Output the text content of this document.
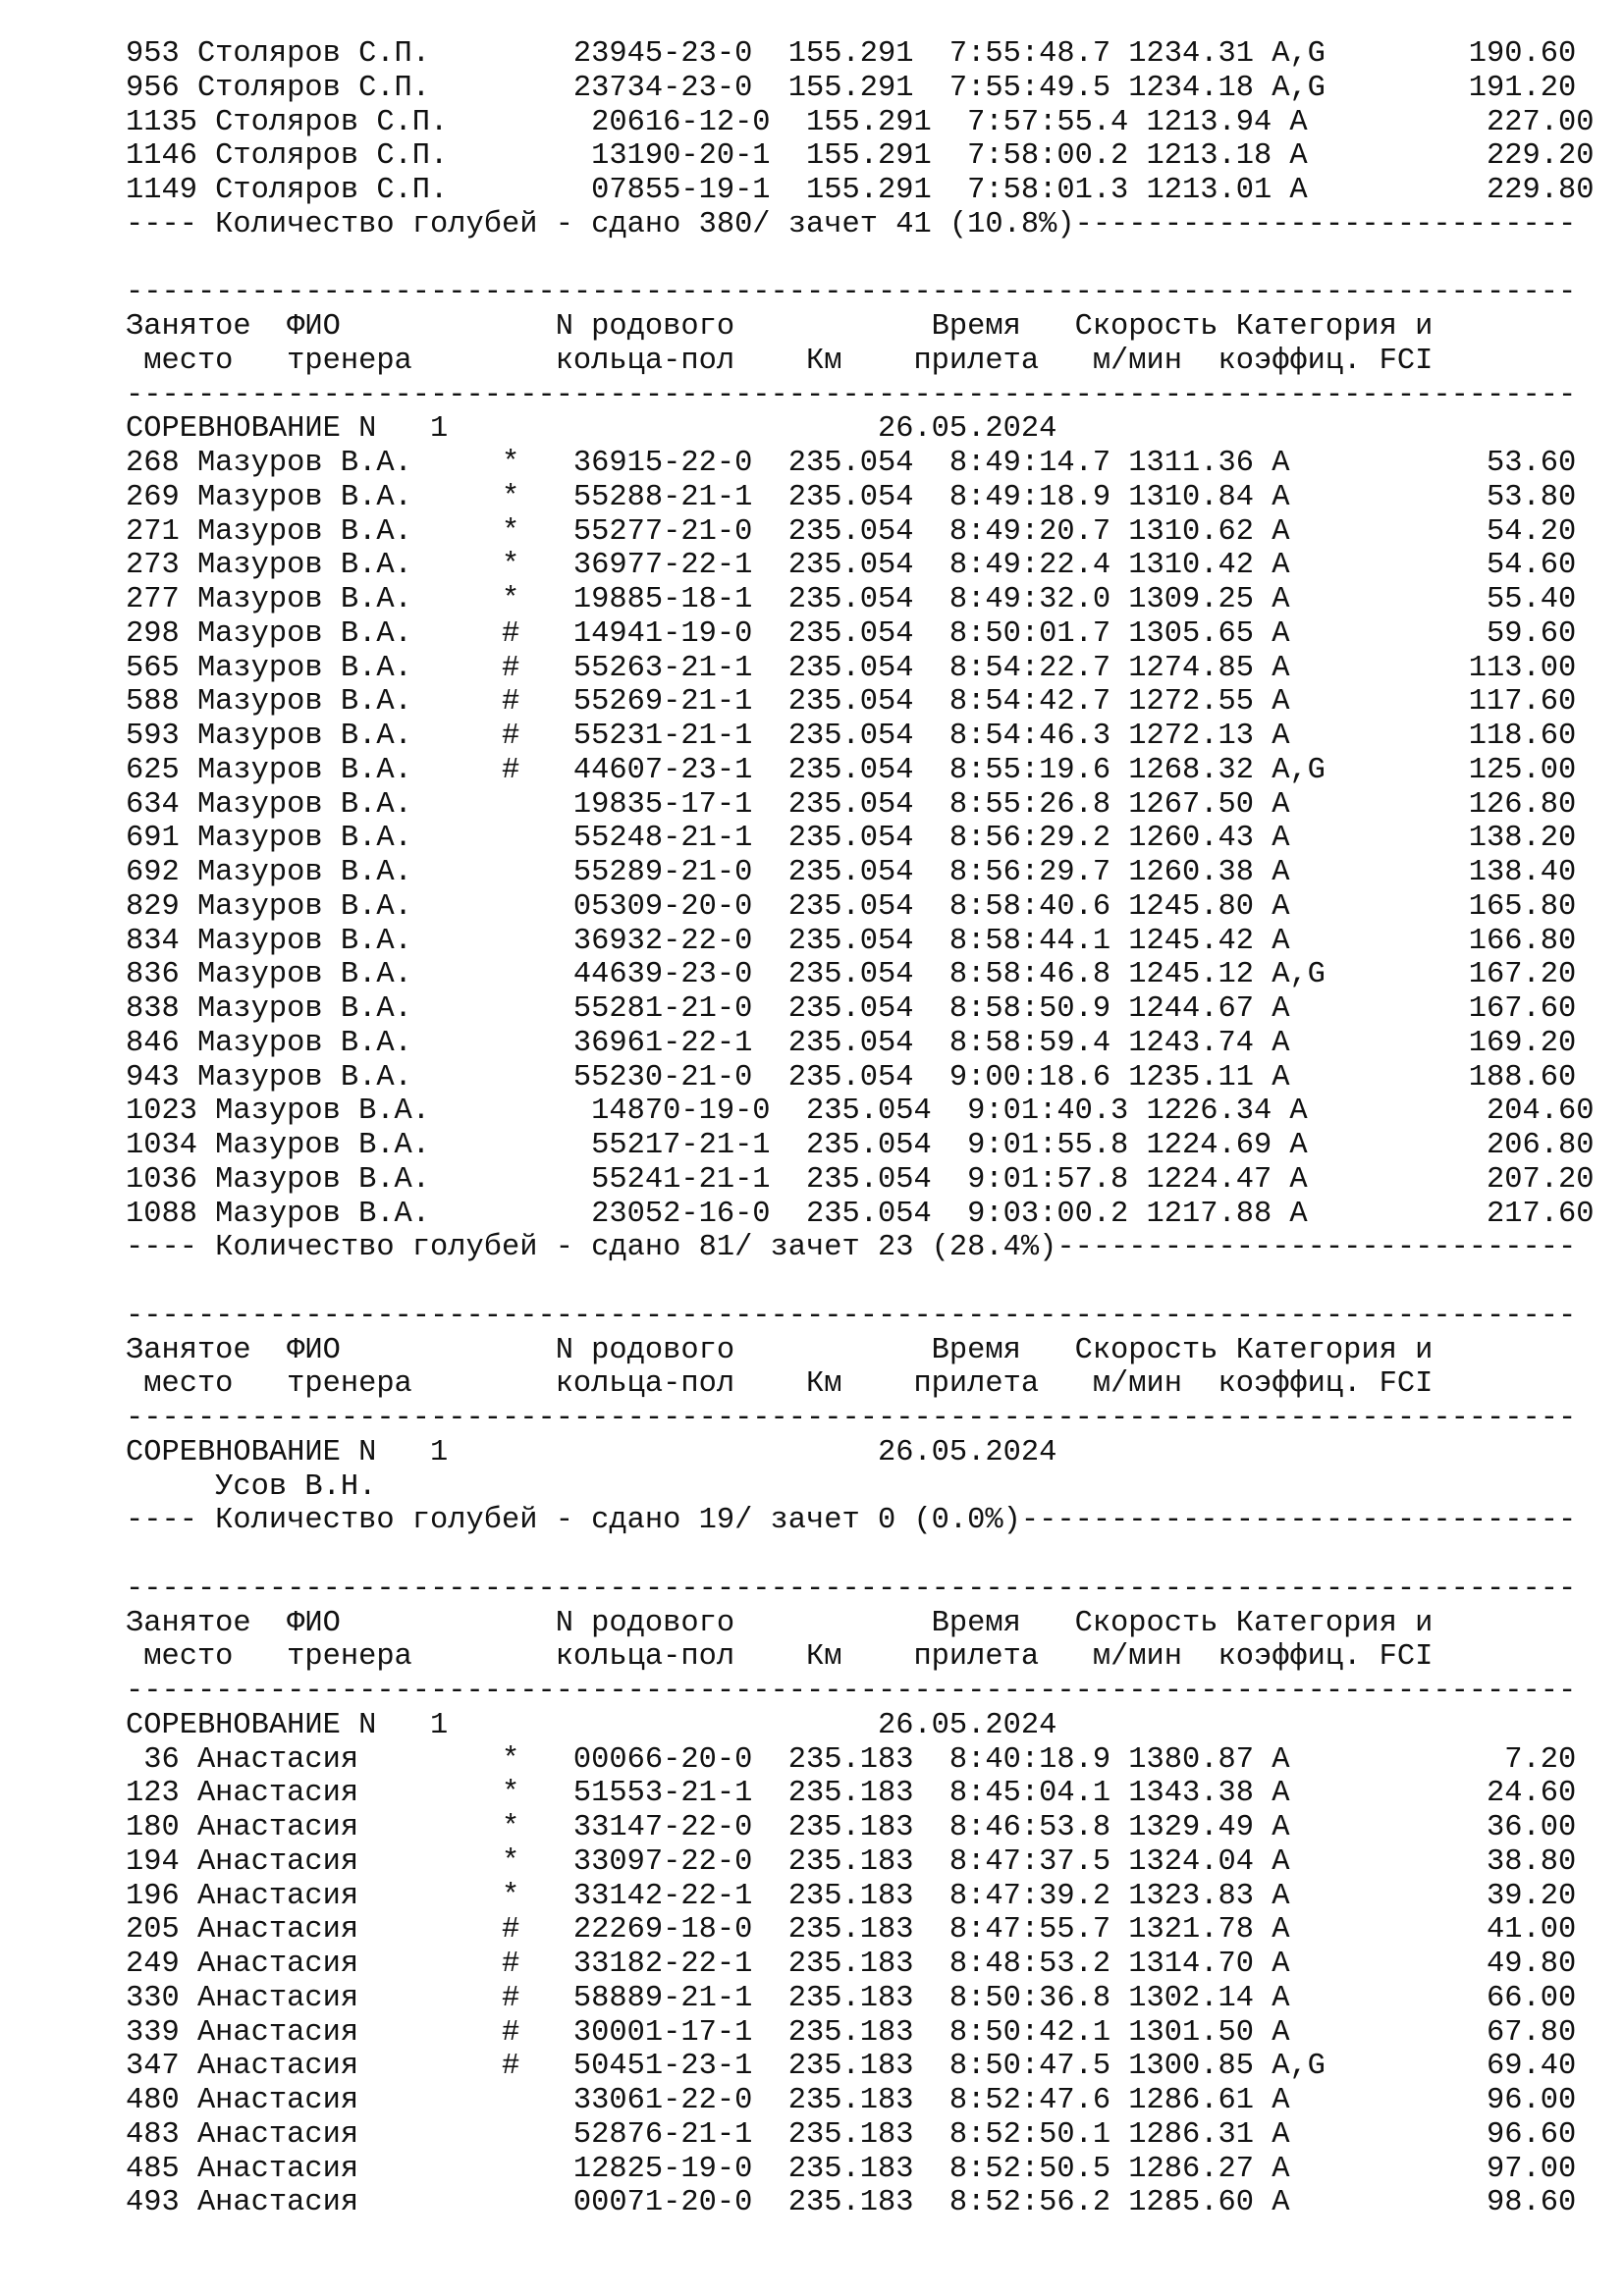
953 Столяров С.П.        23945-23-0  155.291  7:55:48.7 1234.31 A,G        190.60
956 Столяров С.П.        23734-23-0  155.291  7:55:49.5 1234.18 A,G        191.20
1135 Столяров С.П.        20616-12-0  155.291  7:57:55.4 1213.94 A          227.00
1146 Столяров С.П.        13190-20-1  155.291  7:58:00.2 1213.18 A          229.20
1149 Столяров С.П.        07855-19-1  155.291  7:58:01.3 1213.01 A          229.80
---- Количество голубей - сдано 380/ зачет 41 (10.8%)----------------------------
---------------------------------------------------------------------------------
Занятое  ФИО            N родового           Время   Скорость Категория и
место   тренера        кольца-пол    Км    прилета   м/мин  коэффиц. FCI
---------------------------------------------------------------------------------
СОРЕВНОВАНИЕ N   1                        26.05.2024
268 Мазуров В.А.     *   36915-22-0  235.054  8:49:14.7 1311.36 A           53.60
269 Мазуров В.А.     *   55288-21-1  235.054  8:49:18.9 1310.84 A           53.80
271 Мазуров В.А.     *   55277-21-0  235.054  8:49:20.7 1310.62 A           54.20
273 Мазуров В.А.     *   36977-22-1  235.054  8:49:22.4 1310.42 A           54.60
277 Мазуров В.А.     *   19885-18-1  235.054  8:49:32.0 1309.25 A           55.40
298 Мазуров В.А.     #   14941-19-0  235.054  8:50:01.7 1305.65 A           59.60
565 Мазуров В.А.     #   55263-21-1  235.054  8:54:22.7 1274.85 A          113.00
588 Мазуров В.А.     #   55269-21-1  235.054  8:54:42.7 1272.55 A          117.60
593 Мазуров В.А.     #   55231-21-1  235.054  8:54:46.3 1272.13 A          118.60
625 Мазуров В.А.     #   44607-23-1  235.054  8:55:19.6 1268.32 A,G        125.00
634 Мазуров В.А.         19835-17-1  235.054  8:55:26.8 1267.50 A          126.80
691 Мазуров В.А.         55248-21-1  235.054  8:56:29.2 1260.43 A          138.20
692 Мазуров В.А.         55289-21-0  235.054  8:56:29.7 1260.38 A          138.40
829 Мазуров В.А.         05309-20-0  235.054  8:58:40.6 1245.80 A          165.80
834 Мазуров В.А.         36932-22-0  235.054  8:58:44.1 1245.42 A          166.80
836 Мазуров В.А.         44639-23-0  235.054  8:58:46.8 1245.12 A,G        167.20
838 Мазуров В.А.         55281-21-0  235.054  8:58:50.9 1244.67 A          167.60
846 Мазуров В.А.         36961-22-1  235.054  8:58:59.4 1243.74 A          169.20
943 Мазуров В.А.         55230-21-0  235.054  9:00:18.6 1235.11 A          188.60
1023 Мазуров В.А.         14870-19-0  235.054  9:01:40.3 1226.34 A          204.60
1034 Мазуров В.А.         55217-21-1  235.054  9:01:55.8 1224.69 A          206.80
1036 Мазуров В.А.         55241-21-1  235.054  9:01:57.8 1224.47 A          207.20
1088 Мазуров В.А.         23052-16-0  235.054  9:03:00.2 1217.88 A          217.60
---- Количество голубей - сдано 81/ зачет 23 (28.4%)-----------------------------
---------------------------------------------------------------------------------
Занятое  ФИО            N родового           Время   Скорость Категория и
место   тренера        кольца-пол    Км    прилета   м/мин  коэффиц. FCI
---------------------------------------------------------------------------------
СОРЕВНОВАНИЕ N   1                        26.05.2024
Усов В.Н.
---- Количество голубей - сдано 19/ зачет 0 (0.0%)-------------------------------
---------------------------------------------------------------------------------
Занятое  ФИО            N родового           Время   Скорость Категория и
место   тренера        кольца-пол    Км    прилета   м/мин  коэффиц. FCI
---------------------------------------------------------------------------------
СОРЕВНОВАНИЕ N   1                        26.05.2024
36 Анастасия        *   00066-20-0  235.183  8:40:18.9 1380.87 A            7.20
123 Анастасия        *   51553-21-1  235.183  8:45:04.1 1343.38 A           24.60
180 Анастасия        *   33147-22-0  235.183  8:46:53.8 1329.49 A           36.00
194 Анастасия        *   33097-22-0  235.183  8:47:37.5 1324.04 A           38.80
196 Анастасия        *   33142-22-1  235.183  8:47:39.2 1323.83 A           39.20
205 Анастасия        #   22269-18-0  235.183  8:47:55.7 1321.78 A           41.00
249 Анастасия        #   33182-22-1  235.183  8:48:53.2 1314.70 A           49.80
330 Анастасия        #   58889-21-1  235.183  8:50:36.8 1302.14 A           66.00
339 Анастасия        #   30001-17-1  235.183  8:50:42.1 1301.50 A           67.80
347 Анастасия        #   50451-23-1  235.183  8:50:47.5 1300.85 A,G         69.40
480 Анастасия            33061-22-0  235.183  8:52:47.6 1286.61 A           96.00
483 Анастасия            52876-21-1  235.183  8:52:50.1 1286.31 A           96.60
485 Анастасия            12825-19-0  235.183  8:52:50.5 1286.27 A           97.00
493 Анастасия            00071-20-0  235.183  8:52:56.2 1285.60 A           98.60
